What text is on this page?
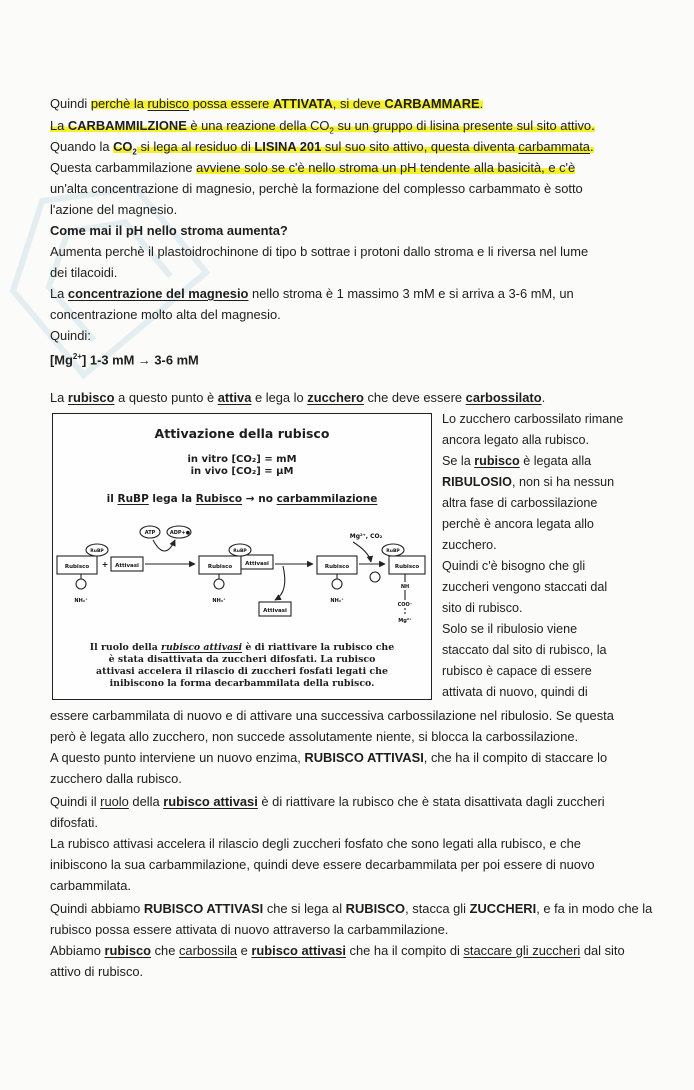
Quindi perchè la rubisco possa essere ATTIVATA, si deve CARBAMMARE.
La CARBAMMILZIONE è una reazione della $CO_2$ su un gruppo di lisina presente sul sito attivo.
Quando la $CO_2$ si lega al residuo di LISINA 201 sul suo sito attivo, questa diventa carbammata.
Questa carbammilazione avviene solo se c'è nello stroma un pH tendente alla basicità, e c'è
un'alta concentrazione di magnesio, perchè la formazione del complesso carbammato è sotto
l'azione del magnesio.
Come mai il pH nello stroma aumenta?
Aumenta perchè il plastoidrochinone di tipo b sottrae i protoni dallo stroma e li riversa nel lume
dei tilacoidi.
La concentrazione del magnesio nello stroma è 1 massimo 3 mM e si arriva a 3-6 mM, un
concentrazione molto alta del magnesio.
Quindi:
$[Mg^{2+}]$ 1-3 mM → 3-6 mM
La rubisco a questo punto è attiva e lega lo zucchero che deve essere carbossilato.
Attivazione della rubisco
in vitro [CO₂] = mM
in vivo [CO₂] = μM
il RuBP lega la Rubisco → no carbammilazione
Rubisco
RuBP
Attivasi
+	Rubisco Attivasi
RuBP
Rubisco	Rubisco
RuBP
Attivasi
ATP	ADP+●	Mg²⁺, CO₂
NH₃⁺	NH₃⁺	NH₃⁺
NH
COO⁻
Mg²⁺
Il ruolo della rubisco attivasi è di riattivare la rubisco che
è stata disattivata da zuccheri difosfati. La rubisco
attivasi accelera il rilascio di zuccheri fosfati legati che
inibiscono la forma decarbammilata della rubisco.
Lo zucchero carbossilato rimane
ancora legato alla rubisco.
Se la rubisco è legata alla
RIBULOSIO, non si ha nessun
altra fase di carbossilazione
perchè è ancora legata allo
zucchero.
Quindi c'è bisogno che gli
zuccheri vengono staccati dal
sito di rubisco.
Solo se il ribulosio viene
staccato dal sito di rubisco, la
rubisco è capace di essere
attivata di nuovo, quindi di
essere carbammilata di nuovo e di attivare una successiva carbossilazione nel ribulosio. Se questa
però è legata allo zucchero, non succede assolutamente niente, si blocca la carbossilazione.
A questo punto interviene un nuovo enzima, RUBISCO ATTIVASI, che ha il compito di staccare lo
zucchero dalla rubisco.
Quindi il ruolo della rubisco attivasi è di riattivare la rubisco che è stata disattivata dagli zuccheri
difosfati.
La rubisco attivasi accelera il rilascio degli zuccheri fosfato che sono legati alla rubisco, e che
inibiscono la sua carbammilazione, quindi deve essere decarbammilata per poi essere di nuovo
carbammilata.
Quindi abbiamo RUBISCO ATTIVASI che si lega al RUBISCO, stacca gli ZUCCHERI, e fa in modo che la
rubisco possa essere attivata di nuovo attraverso la carbammilazione.
Abbiamo rubisco che carbossila e rubisco attivasi che ha il compito di staccare gli zuccheri dal sito
attivo di rubisco.
